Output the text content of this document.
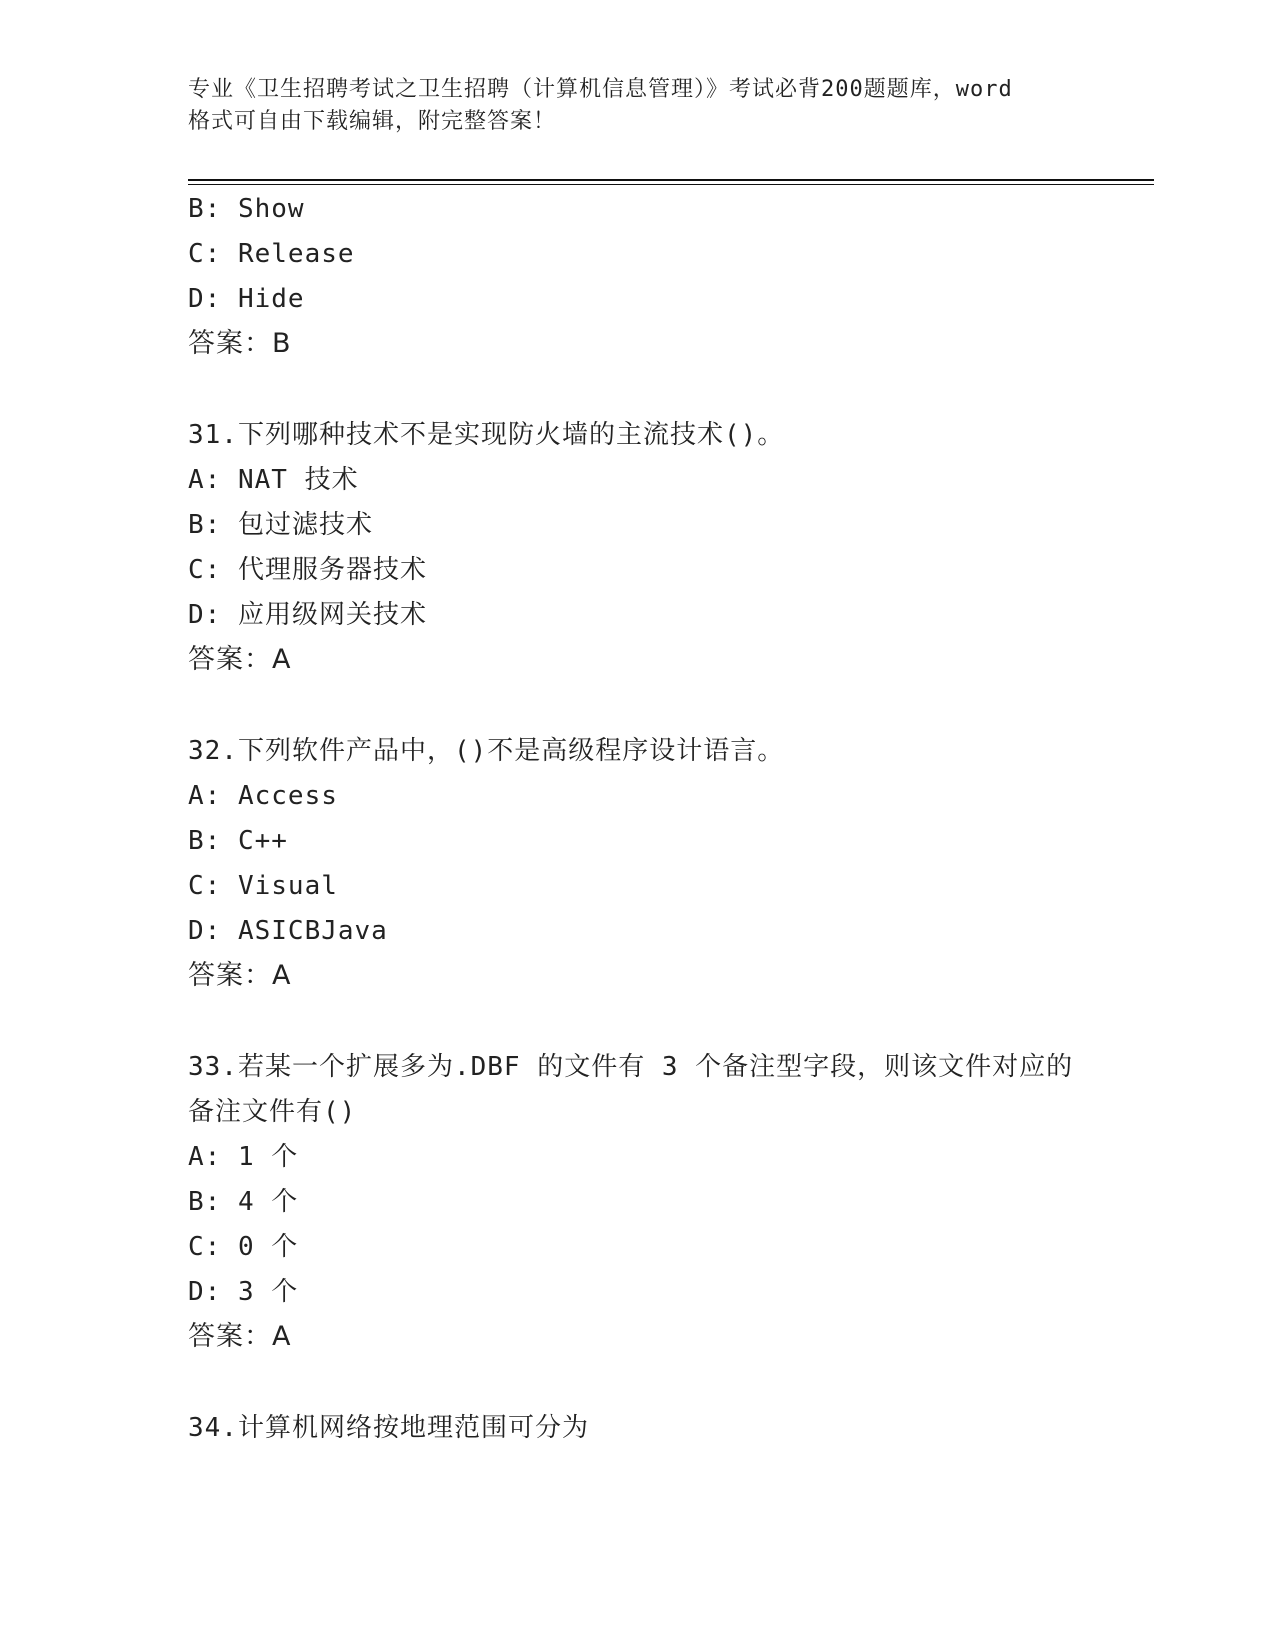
专业《卫生招聘考试之卫生招聘（计算机信息管理）》考试必背200题题库，word
格式可自由下载编辑，附完整答案！
B: Show
C: Release
D: Hide
答案：B
31.下列哪种技术不是实现防火墙的主流技术()。
A: NAT 技术
B: 包过滤技术
C: 代理服务器技术
D: 应用级网关技术
答案：A
32.下列软件产品中，()不是高级程序设计语言。
A: Access
B: C++
C: Visual
D: ASICBJava
答案：A
33.若某一个扩展多为.DBF 的文件有 3 个备注型字段，则该文件对应的
备注文件有()
A: 1 个
B: 4 个
C: 0 个
D: 3 个
答案：A
34.计算机网络按地理范围可分为
